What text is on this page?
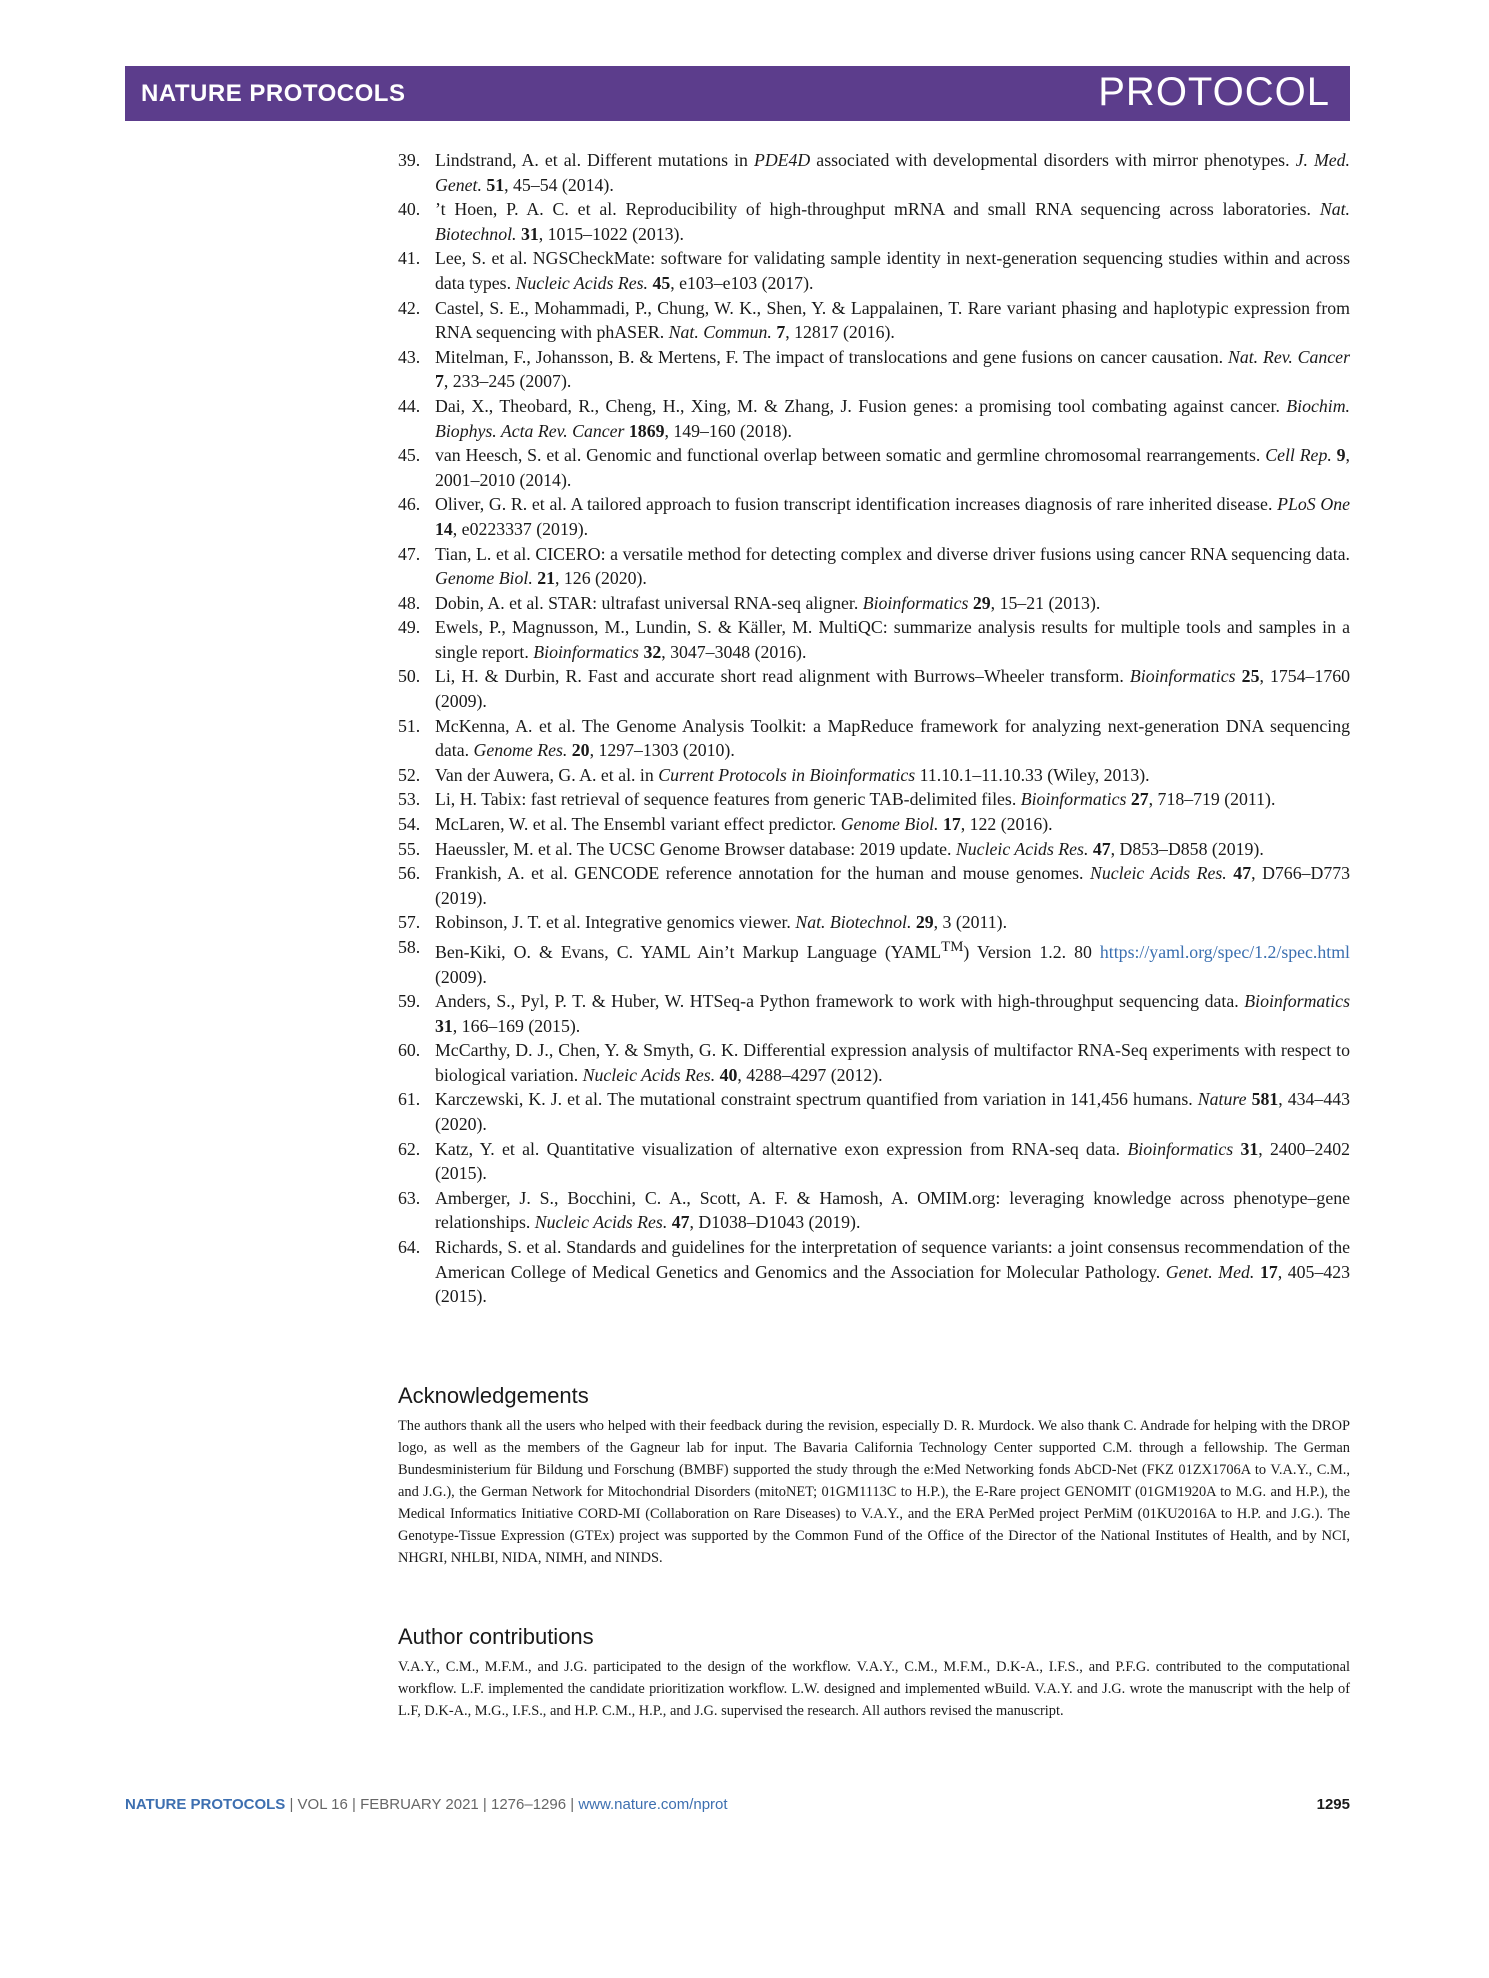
NATURE PROTOCOLS	PROTOCOL
39. Lindstrand, A. et al. Different mutations in PDE4D associated with developmental disorders with mirror phenotypes. J. Med. Genet. 51, 45–54 (2014).
40. ’t Hoen, P. A. C. et al. Reproducibility of high-throughput mRNA and small RNA sequencing across laboratories. Nat. Biotechnol. 31, 1015–1022 (2013).
41. Lee, S. et al. NGSCheckMate: software for validating sample identity in next-generation sequencing studies within and across data types. Nucleic Acids Res. 45, e103–e103 (2017).
42. Castel, S. E., Mohammadi, P., Chung, W. K., Shen, Y. & Lappalainen, T. Rare variant phasing and haplotypic expression from RNA sequencing with phASER. Nat. Commun. 7, 12817 (2016).
43. Mitelman, F., Johansson, B. & Mertens, F. The impact of translocations and gene fusions on cancer causation. Nat. Rev. Cancer 7, 233–245 (2007).
44. Dai, X., Theobard, R., Cheng, H., Xing, M. & Zhang, J. Fusion genes: a promising tool combating against cancer. Biochim. Biophys. Acta Rev. Cancer 1869, 149–160 (2018).
45. van Heesch, S. et al. Genomic and functional overlap between somatic and germline chromosomal rearrangements. Cell Rep. 9, 2001–2010 (2014).
46. Oliver, G. R. et al. A tailored approach to fusion transcript identification increases diagnosis of rare inherited disease. PLoS One 14, e0223337 (2019).
47. Tian, L. et al. CICERO: a versatile method for detecting complex and diverse driver fusions using cancer RNA sequencing data. Genome Biol. 21, 126 (2020).
48. Dobin, A. et al. STAR: ultrafast universal RNA-seq aligner. Bioinformatics 29, 15–21 (2013).
49. Ewels, P., Magnusson, M., Lundin, S. & Käller, M. MultiQC: summarize analysis results for multiple tools and samples in a single report. Bioinformatics 32, 3047–3048 (2016).
50. Li, H. & Durbin, R. Fast and accurate short read alignment with Burrows–Wheeler transform. Bioinformatics 25, 1754–1760 (2009).
51. McKenna, A. et al. The Genome Analysis Toolkit: a MapReduce framework for analyzing next-generation DNA sequencing data. Genome Res. 20, 1297–1303 (2010).
52. Van der Auwera, G. A. et al. in Current Protocols in Bioinformatics 11.10.1–11.10.33 (Wiley, 2013).
53. Li, H. Tabix: fast retrieval of sequence features from generic TAB-delimited files. Bioinformatics 27, 718–719 (2011).
54. McLaren, W. et al. The Ensembl variant effect predictor. Genome Biol. 17, 122 (2016).
55. Haeussler, M. et al. The UCSC Genome Browser database: 2019 update. Nucleic Acids Res. 47, D853–D858 (2019).
56. Frankish, A. et al. GENCODE reference annotation for the human and mouse genomes. Nucleic Acids Res. 47, D766–D773 (2019).
57. Robinson, J. T. et al. Integrative genomics viewer. Nat. Biotechnol. 29, 3 (2011).
58. Ben-Kiki, O. & Evans, C. YAML Ain’t Markup Language (YAML™) Version 1.2. 80 https://yaml.org/spec/1.2/spec.html (2009).
59. Anders, S., Pyl, P. T. & Huber, W. HTSeq-a Python framework to work with high-throughput sequencing data. Bioinformatics 31, 166–169 (2015).
60. McCarthy, D. J., Chen, Y. & Smyth, G. K. Differential expression analysis of multifactor RNA-Seq experiments with respect to biological variation. Nucleic Acids Res. 40, 4288–4297 (2012).
61. Karczewski, K. J. et al. The mutational constraint spectrum quantified from variation in 141,456 humans. Nature 581, 434–443 (2020).
62. Katz, Y. et al. Quantitative visualization of alternative exon expression from RNA-seq data. Bioinformatics 31, 2400–2402 (2015).
63. Amberger, J. S., Bocchini, C. A., Scott, A. F. & Hamosh, A. OMIM.org: leveraging knowledge across phenotype–gene relationships. Nucleic Acids Res. 47, D1038–D1043 (2019).
64. Richards, S. et al. Standards and guidelines for the interpretation of sequence variants: a joint consensus recommendation of the American College of Medical Genetics and Genomics and the Association for Molecular Pathology. Genet. Med. 17, 405–423 (2015).
Acknowledgements

The authors thank all the users who helped with their feedback during the revision, especially D. R. Murdock. We also thank C. Andrade for helping with the DROP logo, as well as the members of the Gagneur lab for input. The Bavaria California Technology Center supported C.M. through a fellowship. The German Bundesministerium für Bildung und Forschung (BMBF) supported the study through the e:Med Networking fonds AbCD-Net (FKZ 01ZX1706A to V.A.Y., C.M., and J.G.), the German Network for Mitochondrial Disorders (mitoNET; 01GM1113C to H.P.), the E-Rare project GENOMIT (01GM1920A to M.G. and H.P.), the Medical Informatics Initiative CORD-MI (Collaboration on Rare Diseases) to V.A.Y., and the ERA PerMed project PerMiM (01KU2016A to H.P. and J.G.). The Genotype-Tissue Expression (GTEx) project was supported by the Common Fund of the Office of the Director of the National Institutes of Health, and by NCI, NHGRI, NHLBI, NIDA, NIMH, and NINDS.

Author contributions

V.A.Y., C.M., M.F.M., and J.G. participated to the design of the workflow. V.A.Y., C.M., M.F.M., D.K-A., I.F.S., and P.F.G. contributed to the computational workflow. L.F. implemented the candidate prioritization workflow. L.W. designed and implemented wBuild. V.A.Y. and J.G. wrote the manuscript with the help of L.F, D.K-A., M.G., I.F.S., and H.P. C.M., H.P., and J.G. supervised the research. All authors revised the manuscript.

NATURE PROTOCOLS | VOL 16 | FEBRUARY 2021 | 1276–1296 | www.nature.com/nprot	1295
